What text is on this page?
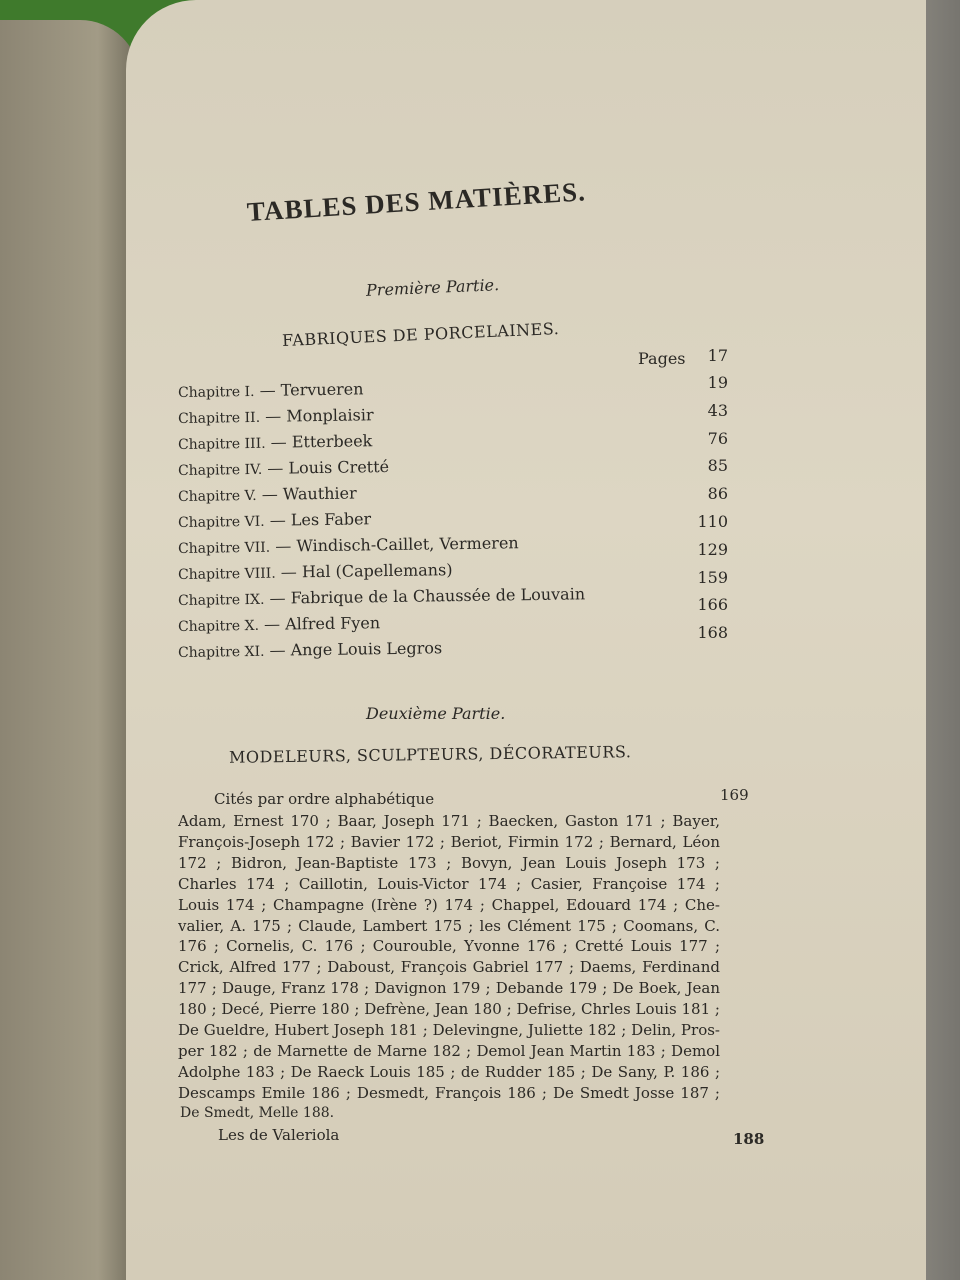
TABLES DES MATIÈRES.
Première Partie.
FABRIQUES DE PORCELAINES.
Pages	17
Chapitre I. — Tervueren	19
Chapitre II. — Monplaisir	43
Chapitre III. — Etterbeek	76
Chapitre IV. — Louis Cretté	85
Chapitre V. — Wauthier	86
Chapitre VI. — Les Faber	110
Chapitre VII. — Windisch-Caillet, Vermeren	129
Chapitre VIII. — Hal (Capellemans)	159
Chapitre IX. — Fabrique de la Chaussée de Louvain	166
Chapitre X. — Alfred Fyen	168
Chapitre XI. — Ange Louis Legros
Deuxième Partie.
MODELEURS, SCULPTEURS, DÉCORATEURS.
Cités par ordre alphabétique	169
Adam, Ernest 170 ; Baar, Joseph 171 ; Baecken, Gaston 171 ; Bayer,
François-Joseph 172 ; Bavier 172 ; Beriot, Firmin 172 ; Bernard, Léon
172 ; Bidron, Jean-Baptiste 173 ; Bovyn, Jean Louis Joseph 173 ;
Charles 174 ; Caillotin, Louis-Victor 174 ; Casier, Françoise 174 ;
Louis 174 ; Champagne (Irène ?) 174 ; Chappel, Edouard 174 ; Che-
valier, A. 175 ; Claude, Lambert 175 ; les Clément 175 ; Coomans, C.
176 ; Cornelis, C. 176 ; Courouble, Yvonne 176 ; Cretté Louis 177 ;
Crick, Alfred 177 ; Daboust, François Gabriel 177 ; Daems, Ferdinand
177 ; Dauge, Franz 178 ; Davignon 179 ; Debande 179 ; De Boek, Jean
180 ; Decé, Pierre 180 ; Defrène, Jean 180 ; Defrise, Chrles Louis 181 ;
De Gueldre, Hubert Joseph 181 ; Delevingne, Juliette 182 ; Delin, Pros-
per 182 ; de Marnette de Marne 182 ; Demol Jean Martin 183 ; Demol
Adolphe 183 ; De Raeck Louis 185 ; de Rudder 185 ; De Sany, P. 186 ;
Descamps Emile 186 ; Desmedt, François 186 ; De Smedt Josse 187 ;
De Smedt, Melle 188.
Les de Valeriola	188
